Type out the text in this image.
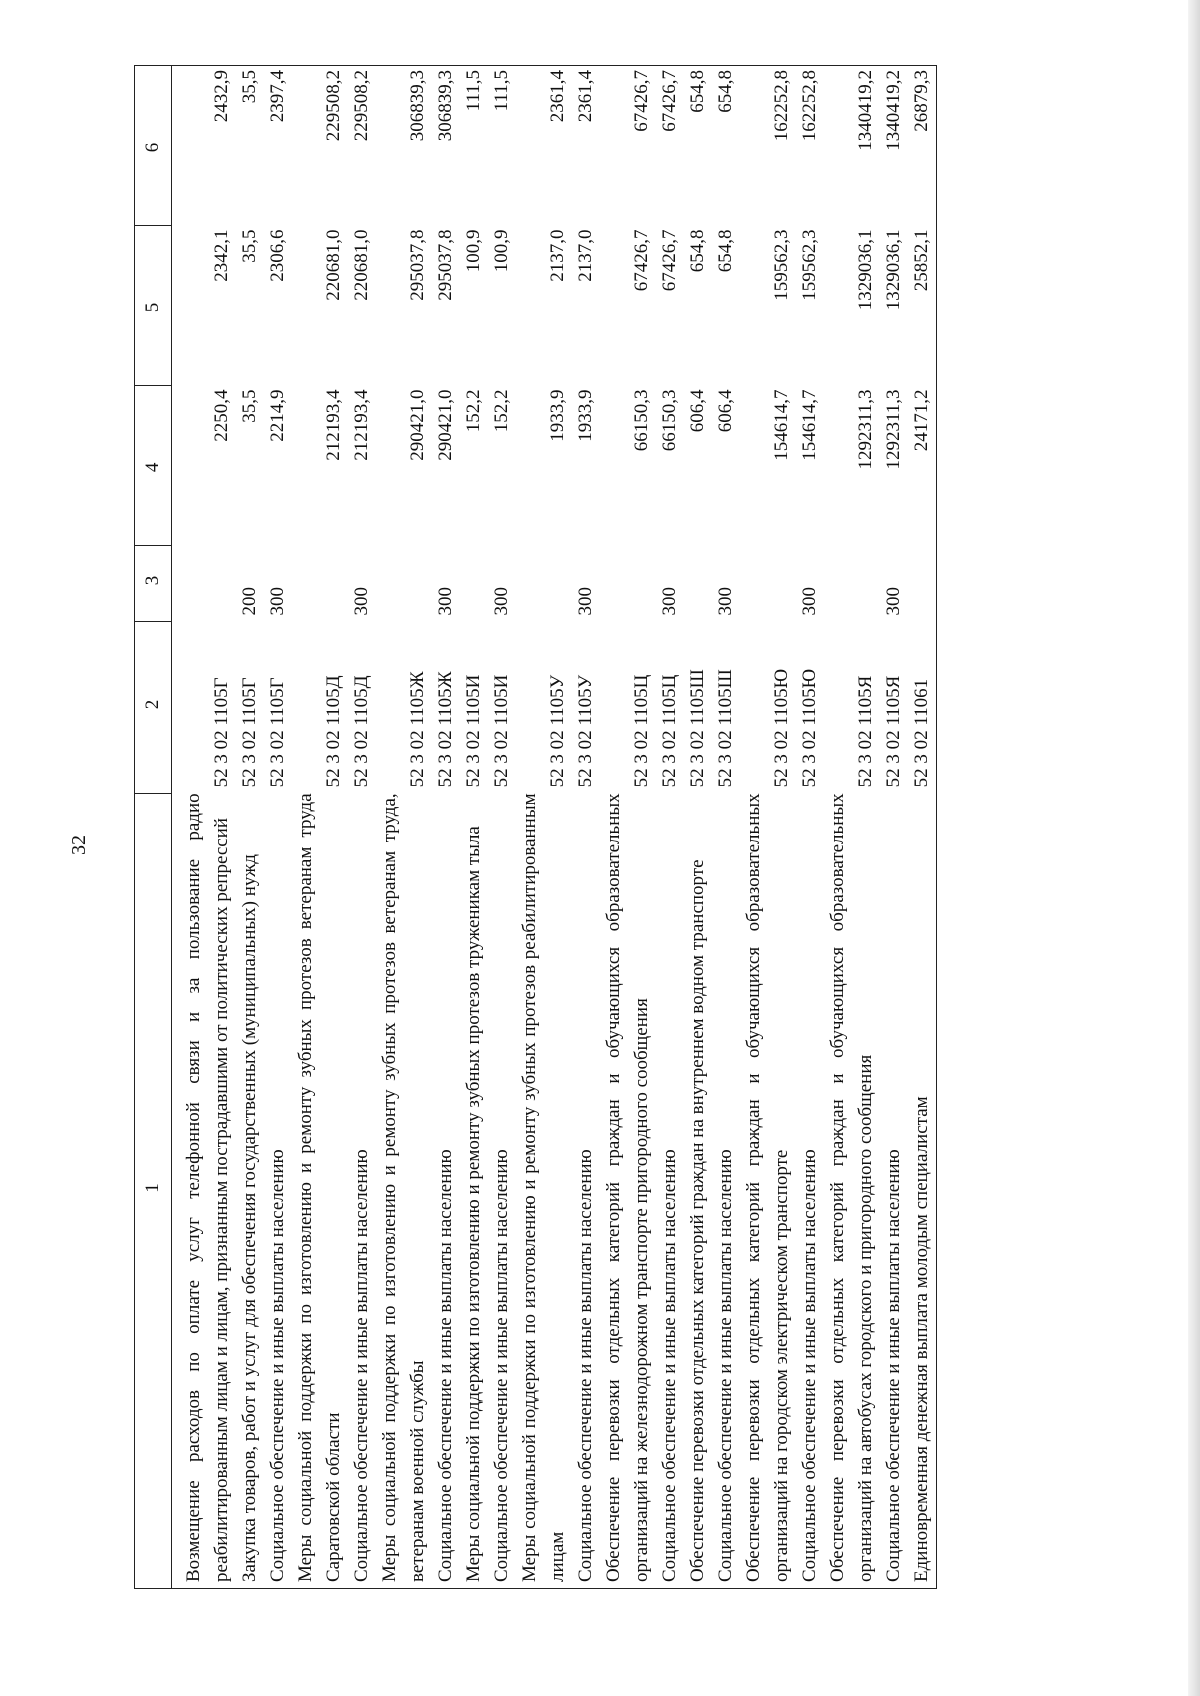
32
1	2	3	4	5	6
Возмещение расходов по оплате услуг телефонной связи и за пользование радио реабилитированным лицам и лицам, признанным пострадавшими от политических репрессий	52 3 02 1105Г		2250,4	2342,1	2432,9
Закупка товаров, работ и услуг для обеспечения государственных (муниципальных) нужд	52 3 02 1105Г	200	35,5	35,5	35,5
Социальное обеспечение и иные выплаты населению	52 3 02 1105Г	300	2214,9	2306,6	2397,4
Меры социальной поддержки по изготовлению и ремонту зубных протезов ветеранам труда Саратовской области	52 3 02 1105Д		212193,4	220681,0	229508,2
Социальное обеспечение и иные выплаты населению	52 3 02 1105Д	300	212193,4	220681,0	229508,2
Меры социальной поддержки по изготовлению и ремонту зубных протезов ветеранам труда, ветеранам военной службы	52 3 02 1105Ж		290421,0	295037,8	306839,3
Социальное обеспечение и иные выплаты населению	52 3 02 1105Ж	300	290421,0	295037,8	306839,3
Меры социальной поддержки по изготовлению и ремонту зубных протезов труженикам тыла	52 3 02 1105И		152,2	100,9	111,5
Социальное обеспечение и иные выплаты населению	52 3 02 1105И	300	152,2	100,9	111,5
Меры социальной поддержки по изготовлению и ремонту зубных протезов реабилитированным лицам	52 3 02 1105У		1933,9	2137,0	2361,4
Социальное обеспечение и иные выплаты населению	52 3 02 1105У	300	1933,9	2137,0	2361,4
Обеспечение перевозки отдельных категорий граждан и обучающихся образовательных организаций на железнодорожном транспорте пригородного сообщения	52 3 02 1105Ц		66150,3	67426,7	67426,7
Социальное обеспечение и иные выплаты населению	52 3 02 1105Ц	300	66150,3	67426,7	67426,7
Обеспечение перевозки отдельных категорий граждан на внутреннем водном транспорте	52 3 02 1105Ш		606,4	654,8	654,8
Социальное обеспечение и иные выплаты населению	52 3 02 1105Ш	300	606,4	654,8	654,8
Обеспечение перевозки отдельных категорий граждан и обучающихся образовательных организаций на городском электрическом транспорте	52 3 02 1105Ю		154614,7	159562,3	162252,8
Социальное обеспечение и иные выплаты населению	52 3 02 1105Ю	300	154614,7	159562,3	162252,8
Обеспечение перевозки отдельных категорий граждан и обучающихся образовательных организаций на автобусах городского и пригородного сообщения	52 3 02 1105Я		1292311,3	1329036,1	1340419,2
Социальное обеспечение и иные выплаты населению	52 3 02 1105Я	300	1292311,3	1329036,1	1340419,2
Единовременная денежная выплата молодым специалистам	52 3 02 11061		24171,2	25852,1	26879,3
